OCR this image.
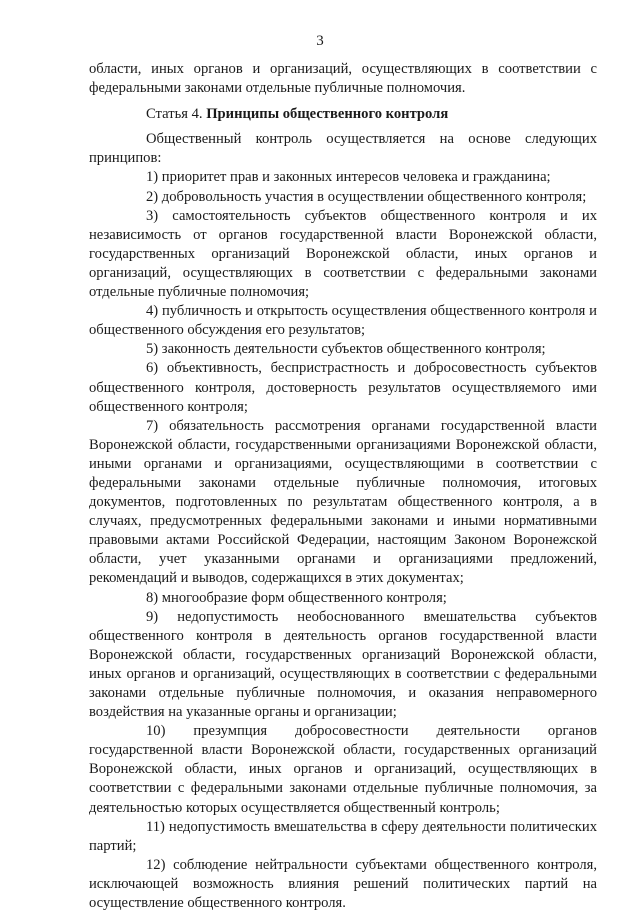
3

области, иных органов и организаций, осуществляющих в соответствии с федеральными законами отдельные публичные полномочия.

Статья 4. Принципы общественного контроля

Общественный контроль осуществляется на основе следующих принципов:

1) приоритет прав и законных интересов человека и гражданина;

2) добровольность участия в осуществлении общественного контроля;

3) самостоятельность субъектов общественного контроля и их независимость от органов государственной власти Воронежской области, государственных организаций Воронежской области, иных органов и организаций, осуществляющих в соответствии с федеральными законами отдельные публичные полномочия;

4) публичность и открытость осуществления общественного контроля и общественного обсуждения его результатов;

5) законность деятельности субъектов общественного контроля;

6) объективность, беспристрастность и добросовестность субъектов общественного контроля, достоверность результатов осуществляемого ими общественного контроля;

7) обязательность рассмотрения органами государственной власти Воронежской области, государственными организациями Воронежской области, иными органами и организациями, осуществляющими в соответствии с федеральными законами отдельные публичные полномочия, итоговых документов, подготовленных по результатам общественного контроля, а в случаях, предусмотренных федеральными законами и иными нормативными правовыми актами Российской Федерации, настоящим Законом Воронежской области, учет указанными органами и организациями предложений, рекомендаций и выводов, содержащихся в этих документах;

8) многообразие форм общественного контроля;

9) недопустимость необоснованного вмешательства субъектов общественного контроля в деятельность органов государственной власти Воронежской области, государственных организаций Воронежской области, иных органов и организаций, осуществляющих в соответствии с федеральными законами отдельные публичные полномочия, и оказания неправомерного воздействия на указанные органы и организации;

10) презумпция добросовестности деятельности органов государственной власти Воронежской области, государственных организаций Воронежской области, иных органов и организаций, осуществляющих в соответствии с федеральными законами отдельные публичные полномочия, за деятельностью которых осуществляется общественный контроль;

11) недопустимость вмешательства в сферу деятельности политических партий;

12) соблюдение нейтральности субъектами общественного контроля, исключающей возможность влияния решений политических партий на осуществление общественного контроля.
